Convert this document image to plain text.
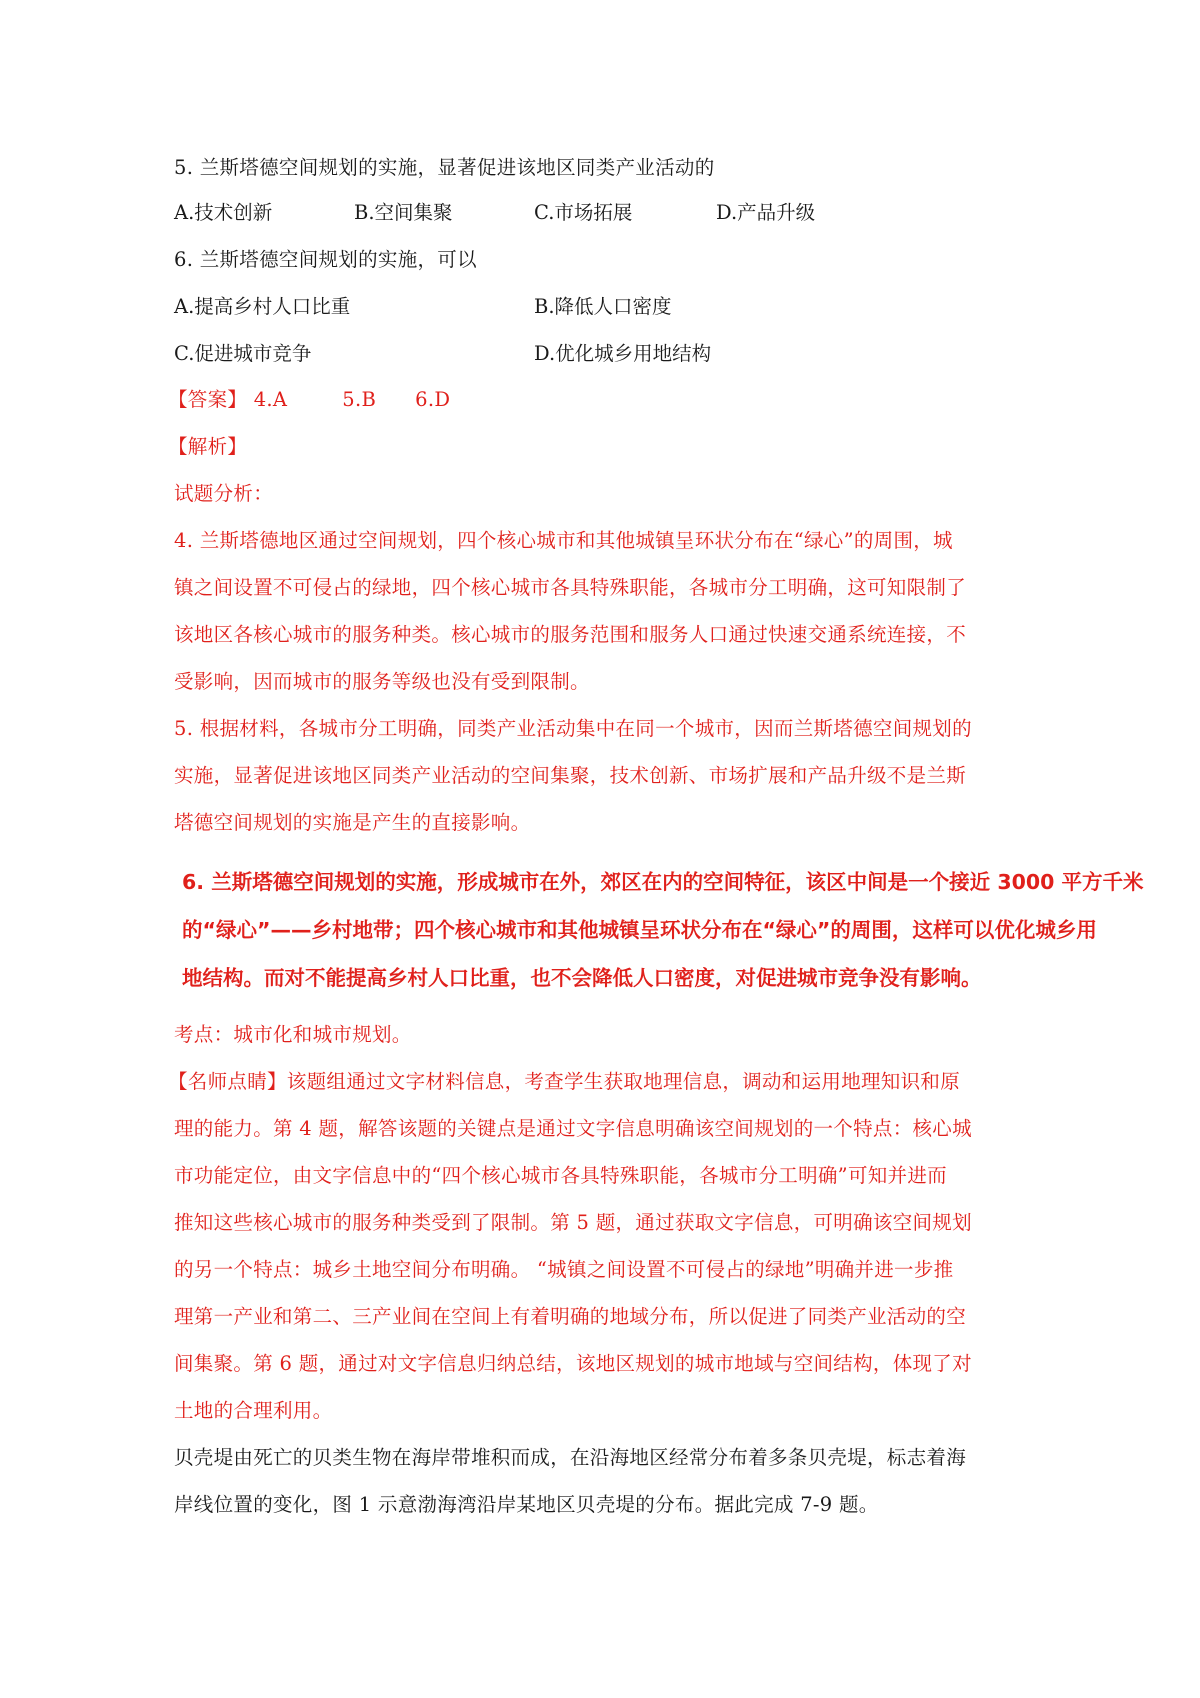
5. 兰斯塔德空间规划的实施，显著促进该地区同类产业活动的

A.技术创新	B.空间集聚	C.市场拓展	D.产品升级

6. 兰斯塔德空间规划的实施，可以

A.提高乡村人口比重	B.降低人口密度
C.促进城市竞争	D.优化城乡用地结构
【答案】 4.A	5.B 6.D

【解析】

试题分析：

4. 兰斯塔德地区通过空间规划，四个核心城市和其他城镇呈环状分布在“绿心”的周围，城

镇之间设置不可侵占的绿地，四个核心城市各具特殊职能，各城市分工明确，这可知限制了

该地区各核心城市的服务种类。核心城市的服务范围和服务人口通过快速交通系统连接，不

受影响，因而城市的服务等级也没有受到限制。

5. 根据材料，各城市分工明确，同类产业活动集中在同一个城市，因而兰斯塔德空间规划的

实施，显著促进该地区同类产业活动的空间集聚，技术创新、市场扩展和产品升级不是兰斯

塔德空间规划的实施是产生的直接影响。

6. 兰斯塔德空间规划的实施，形成城市在外，郊区在内的空间特征，该区中间是一个接近 3000 平方千米

的“绿心”——乡村地带；四个核心城市和其他城镇呈环状分布在“绿心”的周围，这样可以优化城乡用

地结构。而对不能提高乡村人口比重，也不会降低人口密度，对促进城市竞争没有影响。

考点：城市化和城市规划。

【名师点睛】该题组通过文字材料信息，考查学生获取地理信息，调动和运用地理知识和原

理的能力。第 4 题，解答该题的关键点是通过文字信息明确该空间规划的一个特点：核心城

市功能定位，由文字信息中的“四个核心城市各具特殊职能，各城市分工明确”可知并进而

推知这些核心城市的服务种类受到了限制。第 5 题，通过获取文字信息，可明确该空间规划

的另一个特点：城乡土地空间分布明确。 “城镇之间设置不可侵占的绿地”明确并进一步推

理第一产业和第二、三产业间在空间上有着明确的地域分布，所以促进了同类产业活动的空

间集聚。第 6 题，通过对文字信息归纳总结，该地区规划的城市地域与空间结构，体现了对

土地的合理利用。

贝壳堤由死亡的贝类生物在海岸带堆积而成，在沿海地区经常分布着多条贝壳堤，标志着海

岸线位置的变化，图 1 示意渤海湾沿岸某地区贝壳堤的分布。据此完成 7-9 题。
